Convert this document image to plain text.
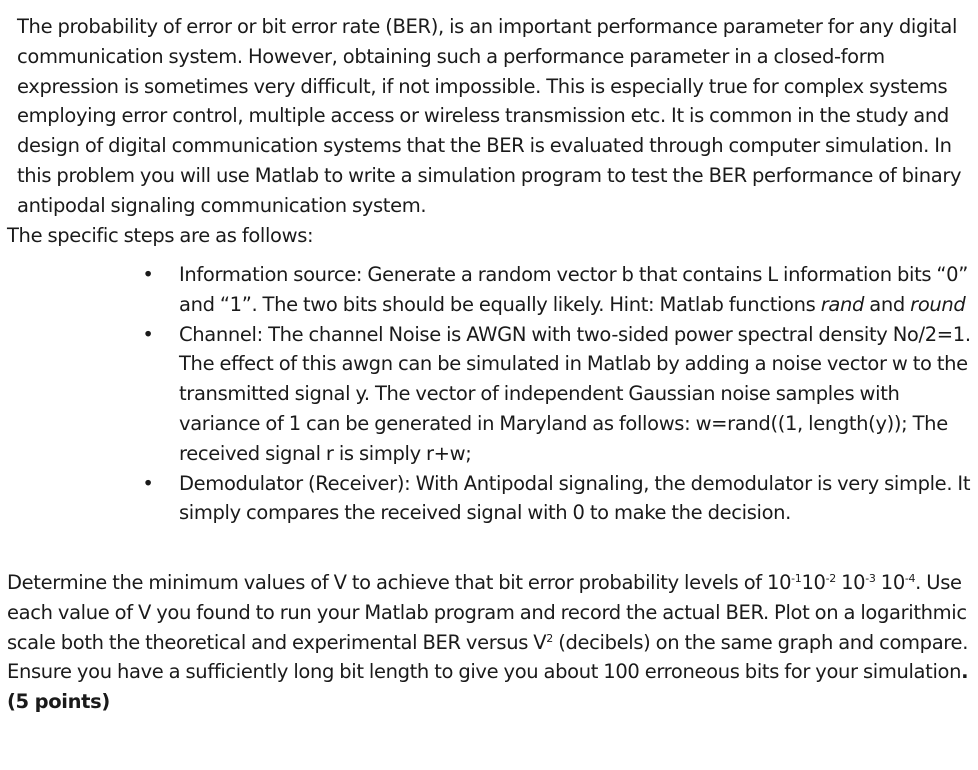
The probability of error or bit error rate (BER), is an important performance parameter for any digital communication system. However, obtaining such a performance parameter in a closed-form expression is sometimes very difficult, if not impossible. This is especially true for complex systems employing error control, multiple access or wireless transmission etc. It is common in the study and design of digital communication systems that the BER is evaluated through computer simulation. In this problem you will use Matlab to write a simulation program to test the BER performance of binary antipodal signaling communication system.

The specific steps are as follows:

• Information source: Generate a random vector b that contains L information bits “0” and “1”. The two bits should be equally likely. Hint: Matlab functions rand and round
• Channel: The channel Noise is AWGN with two-sided power spectral density No/2=1. The effect of this awgn can be simulated in Matlab by adding a noise vector w to the transmitted signal y. The vector of independent Gaussian noise samples with variance of 1 can be generated in Maryland as follows: w=rand((1, length(y)); The received signal r is simply r+w;
• Demodulator (Receiver): With Antipodal signaling, the demodulator is very simple. It simply compares the received signal with 0 to make the decision.

Determine the minimum values of V to achieve that bit error probability levels of $10^{-1}10^{-2}$ $10^{-3}$ $10^{-4}$. Use each value of V you found to run your Matlab program and record the actual BER. Plot on a logarithmic scale both the theoretical and experimental BER versus $V^2$ (decibels) on the same graph and compare. Ensure you have a sufficiently long bit length to give you about 100 erroneous bits for your simulation. (5 points)
